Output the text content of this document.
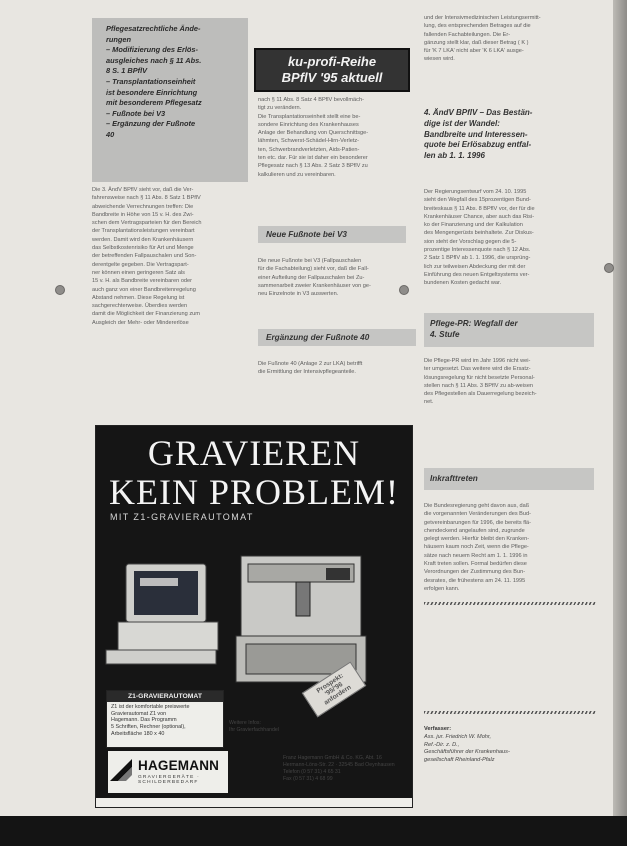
Pflegesatzrechtliche Ände-
rungen
– Modifizierung des Erlös-
ausgleiches nach § 11 Abs.
8 S. 1 BPflV
– Transplantationseinheit
ist besondere Einrichtung
mit besonderem Pflegesatz
– Fußnote bei V3
– Ergänzung der Fußnote
40
Die 3. ÄndV BPflV sieht vor, daß die Ver-
fahrensweise nach § 11 Abs. 8 Satz 1 BPflV
abweichende Verrechnungen treffen: Die
Bandbreite in Höhe von 15 v. H. des Zwi-
schen dem Vertragsparteien für den Bereich
der Transplantationsleistungen vereinbart
werden. Damit wird den Krankenhäusern
das Selbstkostenrisiko für Art und Menge
der betreffenden Fallpauschalen und Son-
derentgelte gegeben. Die Vertragspart-
ner können einen geringeren Satz als
15 v. H. als Bandbreite vereinbaren oder
auch ganz von einer Bandbreitenregelung
Abstand nehmen. Diese Regelung ist
sachgerechterweise. Überdies werden
damit die Möglichkeit der Finanzierung zum
Ausgleich der Mehr- oder Mindererlöse
ku-profi-Reihe
BPflV '95 aktuell
nach § 11 Abs. 8 Satz 4 BPflV bevollmäch-
tigt zu verändern.
Die Transplantationseinheit stellt eine be-
sondere Einrichtung des Krankenhauses
Anlage der Behandlung von Querschnittsge-
lähmten, Schwerst-Schädel-Hirn-Verletz-
ten, Schwerbrandverletzten, Aids-Patien-
ten etc. dar. Für sie ist daher ein besonderer
Pflegesatz nach § 13 Abs. 2 Satz 3 BPflV zu
kalkulieren und zu vereinbaren.
Neue Fußnote bei V3
Die neue Fußnote bei V3 (Fallpauschalen
für die Fachabteilung) sieht vor, daß die Fall-
einer Aufteilung der Fallpauschalen bei Zu-
sammenarbeit zweier Krankenhäuser von ge-
neu Einzelnote in V3 auswerten.
Ergänzung der Fußnote 40
Die Fußnote 40 (Anlage 2 zur LKA) betrifft
die Ermittlung der Intensivpflegeanteile.
und der Intensivmedizinischen Leistungsermitt-
lung, des entsprechenden Betrages auf die
fallenden Fachabteilungen. Die Er-
gänzung stellt klar, daß dieser Betrag ( K )
für 'K 7 LKA' nicht aber 'K 6 LKA' ausge-
wiesen wird.
4. ÄndV BPflV – Das Bestän-
dige ist der Wandel:
Bandbreite und Interessen-
quote bei Erlösabzug entfal-
len ab 1. 1. 1996
Der Regierungsentwurf vom 24. 10. 1995
sieht den Wegfall des 15prozentigen Bund-
breiteskaus § 11 Abs. 8 BPflV vor, der für die
Krankenhäuser Chance, aber auch das Risi-
ko der Finanzierung und der Kalkulation
des Mengengerüsts beinhaltete. Zur Diskus-
sion steht der Vorschlag gegen die 5-
prozentige Interessenquote nach § 12 Abs.
2 Satz 1 BPflV ab 1. 1. 1996, die ursprüng-
lich zur teilweisen Abdeckung der mit der
Einführung des neuen Entgeltsystems ver-
bundenen Kosten gedacht war.
Pflege-PR: Wegfall der
4. Stufe
Die Pflege-PR wird im Jahr 1996 nicht wei-
ter umgesetzt. Das weitere wird die Ersatz-
lösungsregelung für nicht besetzte Personal-
stellen nach § 11 Abs. 3 BPflV zu ab-weisen
des Pflegestellen als Dauerregelung bezeich-
net.
Inkrafttreten
Die Bundesregierung geht davon aus, daß
die vorgenannten Veränderungen des Bud-
getvereinbarungen für 1996, die bereits flä-
chendeckend angelaufen sind, zugrunde
gelegt werden. Hierfür bleibt den Kranken-
häusern kaum noch Zeit, wenn die Pflege-
sätze nach neuem Recht am 1. 1. 1996 in
Kraft treten sollen. Formal bedürfen diese
Verordnungen der Zustimmung des Bun-
desrates, die frühestens am 24. 11. 1995
erfolgen kann.
Verfasser:
Ass. jur. Friedrich W. Mohr,
Ref.-Dir. z. D.,
Geschäftsführer der Krankenhaus-
gesellschaft Rheinland-Pfalz
GRAVIEREN
KEIN PROBLEM!
MIT Z1-GRAVIERAUTOMAT
Z1-GRAVIERAUTOMAT
Z1 ist der komfortable preiswerte
Gravierautomat Z1 von
Hagemann. Das Programm
5 Schriften, Rechner (optional),
Arbeitsfläche 180 x 40
Prospekt: '95/'96 anfordern
Weitere Infos:
Ihr Gravierfachhandel
HAGEMANN
GRAVIERGERÄTE · SCHILDERBEDARF
Franz Hagemann GmbH & Co. KG, Abt. 16
Hermann-Löns-Str. 22 · 32545 Bad Oeynhausen
Telefon (0 57 31) 4 65 31
Fax (0 57 31) 4 68 99
